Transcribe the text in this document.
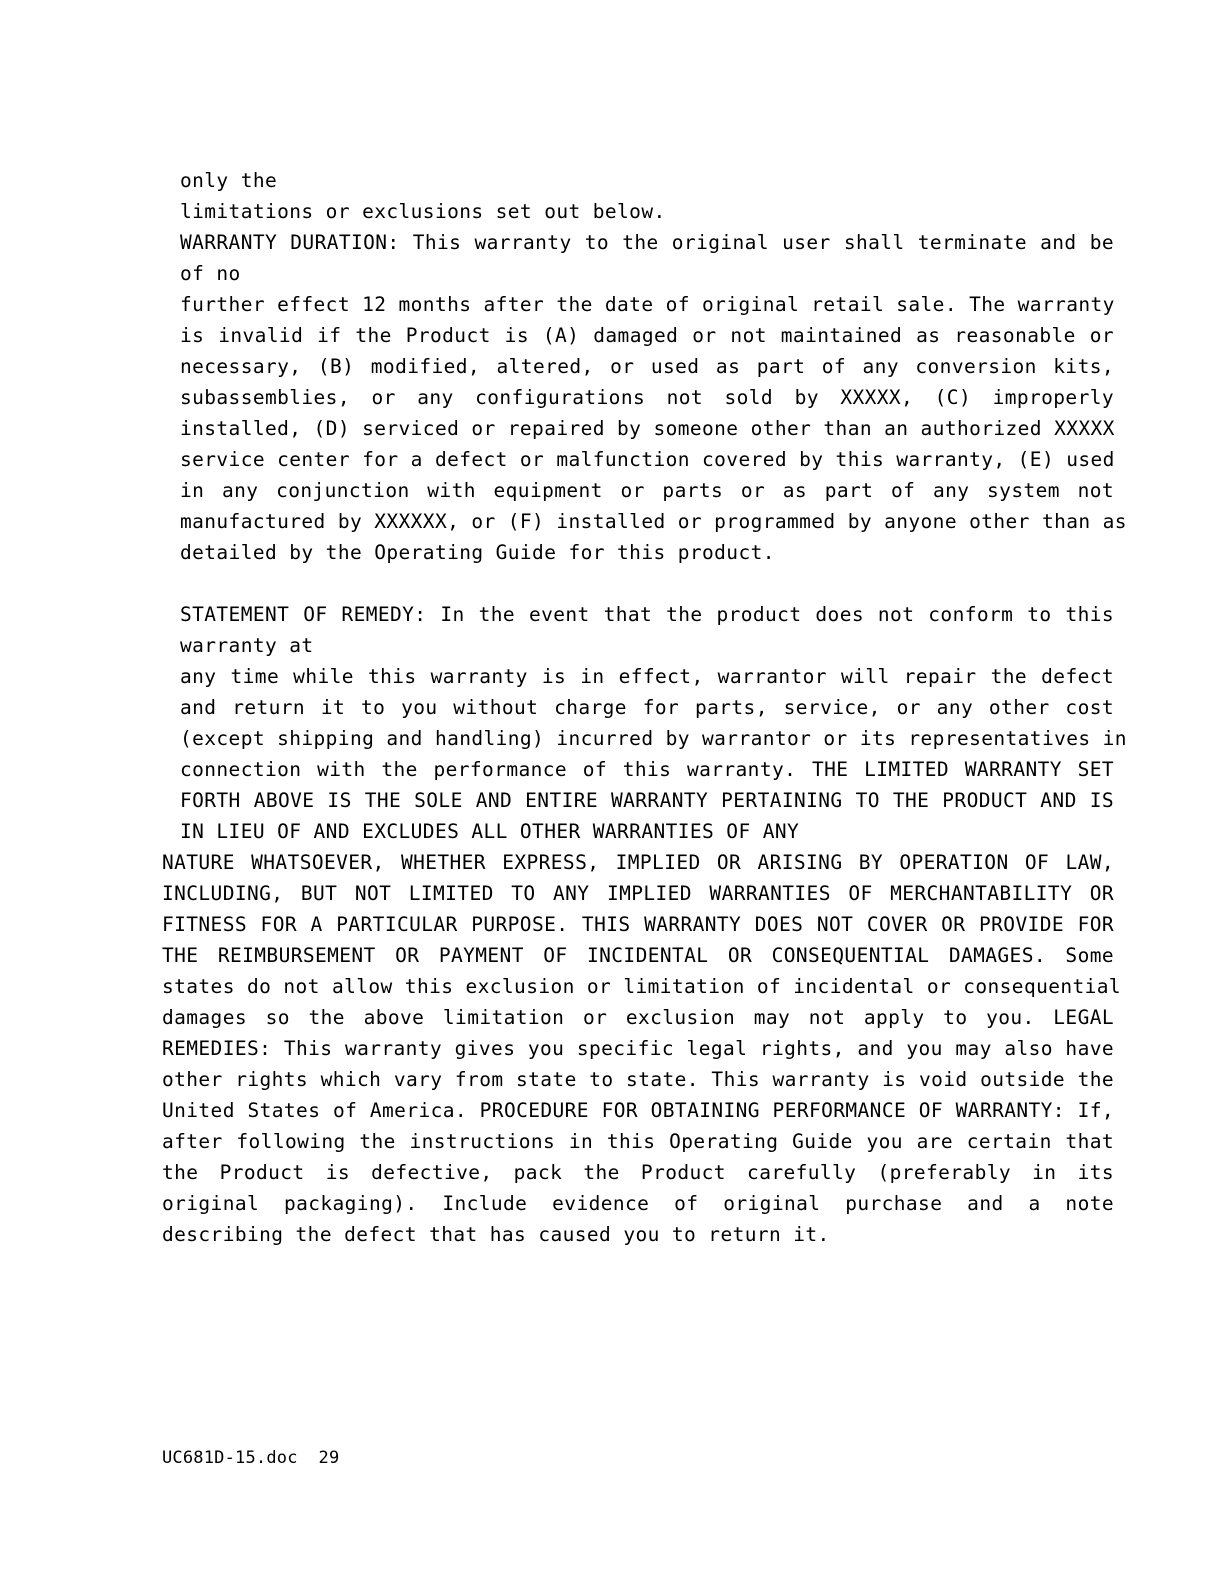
only the
limitations or exclusions set out below.
WARRANTY DURATION: This warranty to the original user shall terminate and be
of no
further effect 12 months after the date of original retail sale. The warranty
is invalid if the Product is (A) damaged or not maintained as reasonable or
necessary, (B) modified, altered, or used as part of any conversion kits,
subassemblies, or any configurations not sold by XXXXX, (C) improperly
installed, (D) serviced or repaired by someone other than an authorized XXXXX
service center for a defect or malfunction covered by this warranty, (E) used
in any conjunction with equipment or parts or as part of any system not
manufactured by XXXXXX, or (F) installed or programmed by anyone other than as
detailed by the Operating Guide for this product.
STATEMENT OF REMEDY: In the event that the product does not conform to this
warranty at
any time while this warranty is in effect, warrantor will repair the defect
and return it to you without charge for parts, service, or any other cost
(except shipping and handling) incurred by warrantor or its representatives in
connection with the performance of this warranty. THE LIMITED WARRANTY SET
FORTH ABOVE IS THE SOLE AND ENTIRE WARRANTY PERTAINING TO THE PRODUCT AND IS
IN LIEU OF AND EXCLUDES ALL OTHER WARRANTIES OF ANY
NATURE WHATSOEVER, WHETHER EXPRESS, IMPLIED OR ARISING BY OPERATION OF LAW,
INCLUDING, BUT NOT LIMITED TO ANY IMPLIED WARRANTIES OF MERCHANTABILITY OR
FITNESS FOR A PARTICULAR PURPOSE. THIS WARRANTY DOES NOT COVER OR PROVIDE FOR
THE REIMBURSEMENT OR PAYMENT OF INCIDENTAL OR CONSEQUENTIAL DAMAGES. Some
states do not allow this exclusion or limitation of incidental or consequential
damages so the above limitation or exclusion may not apply to you. LEGAL
REMEDIES: This warranty gives you specific legal rights, and you may also have
other rights which vary from state to state. This warranty is void outside the
United States of America. PROCEDURE FOR OBTAINING PERFORMANCE OF WARRANTY: If,
after following the instructions in this Operating Guide you are certain that
the Product is defective, pack the Product carefully (preferably in its
original packaging). Include evidence of original purchase and a note
describing the defect that has caused you to return it.
UC681D-15.doc  29
